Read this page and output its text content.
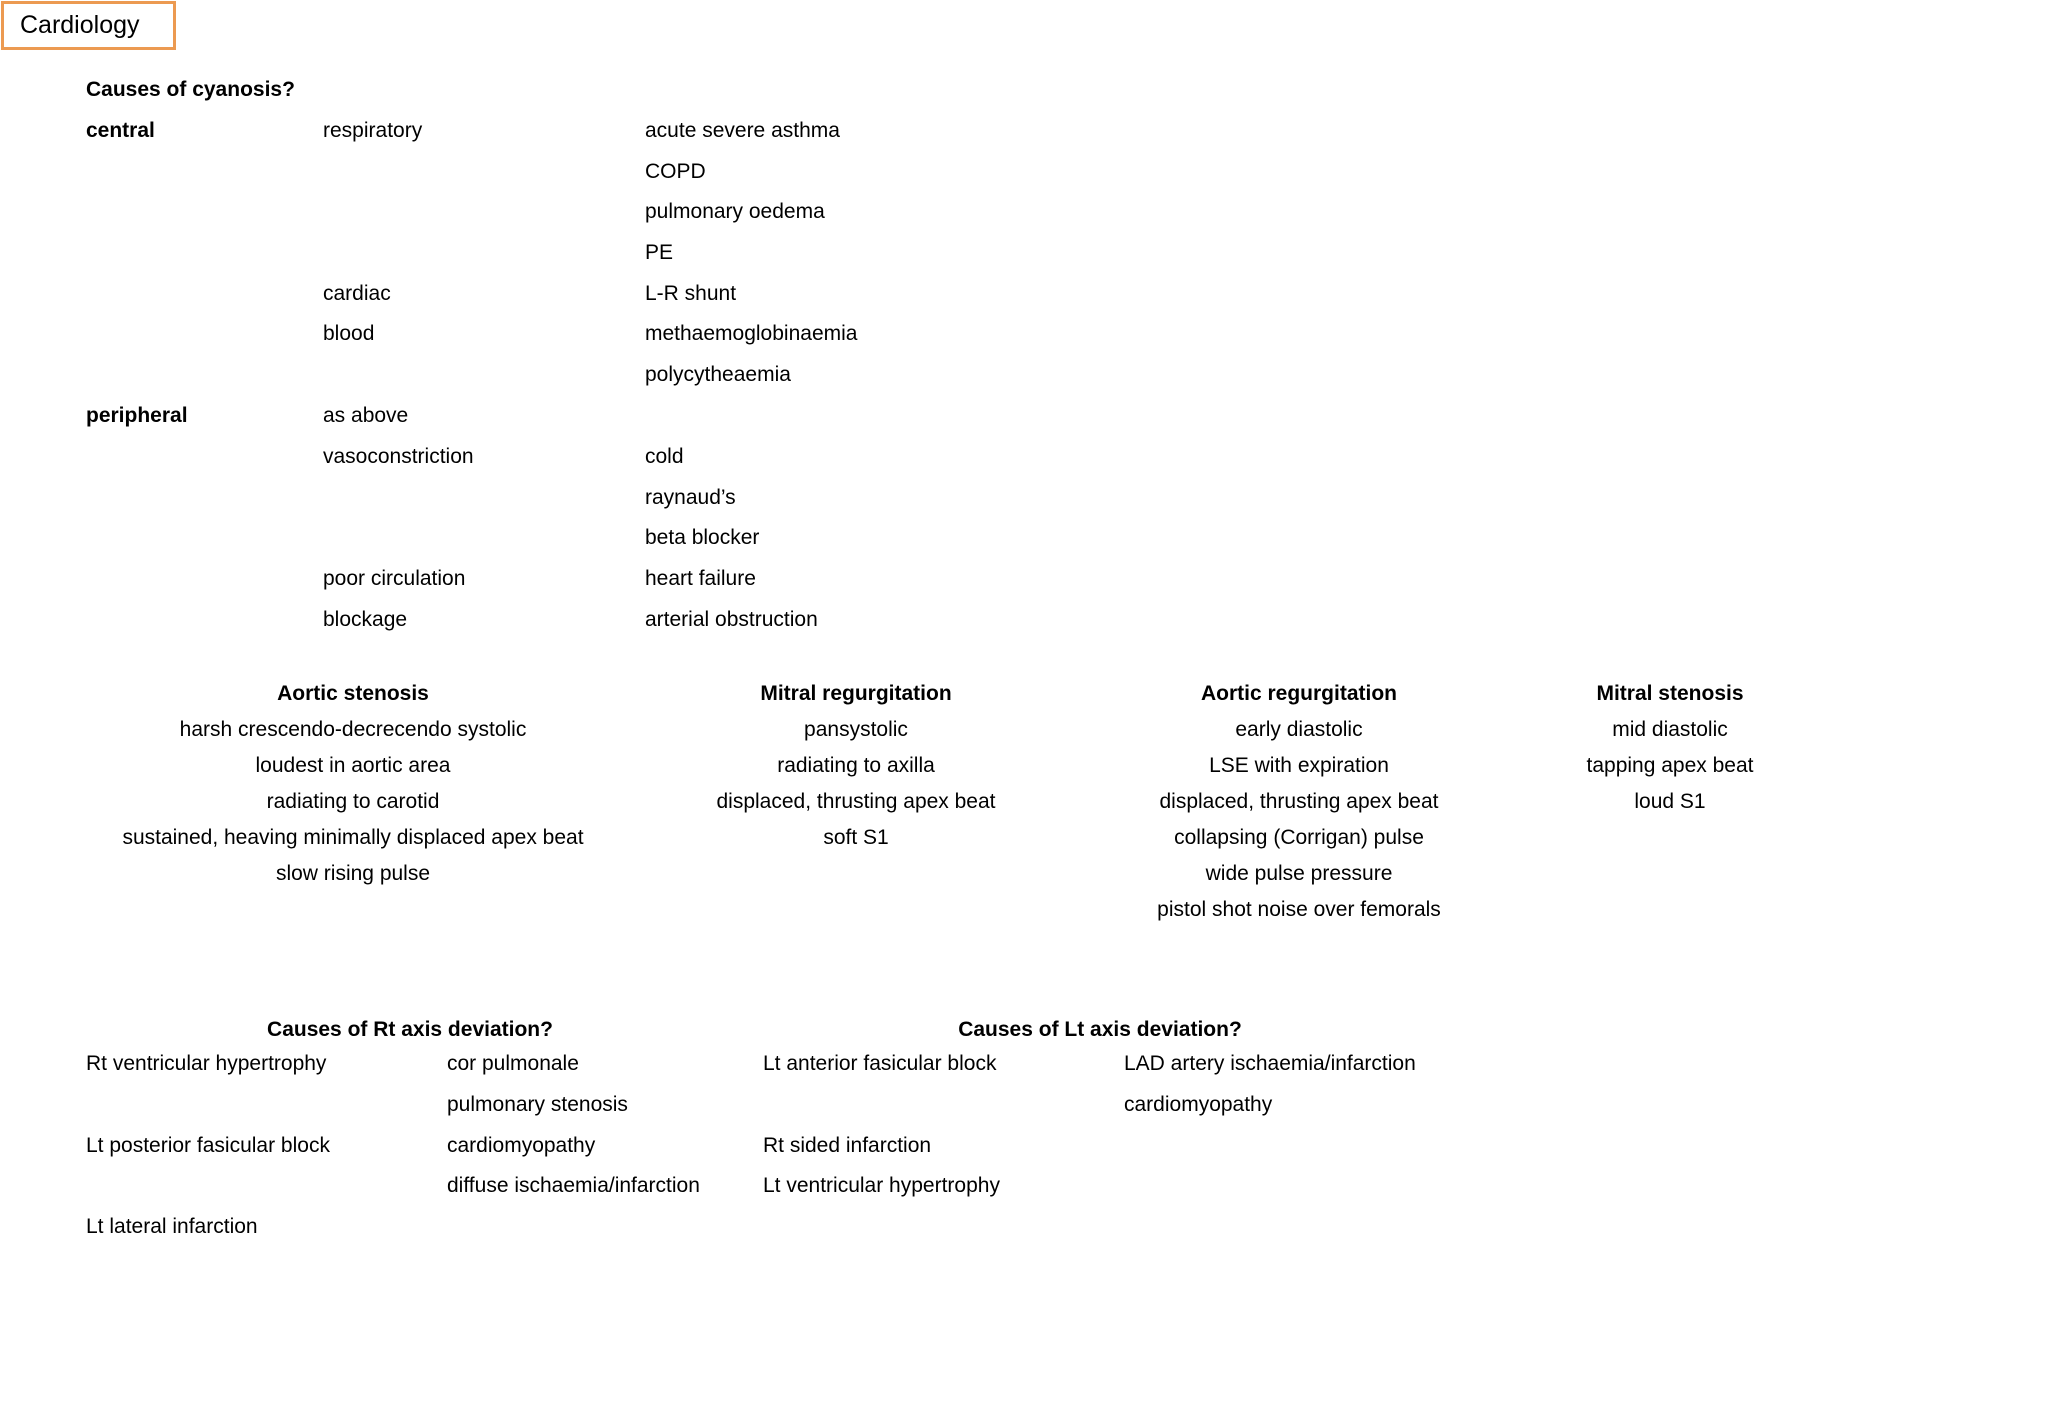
Cardiology
Causes of cyanosis?
central
peripheral
respiratory
cardiac
blood
as above
vasoconstriction
poor circulation
blockage
acute severe asthma
COPD
pulmonary oedema
PE
L-R shunt
methaemoglobinaemia
polycytheaemia
cold
raynaud’s
beta blocker
heart failure
arterial obstruction
Aortic stenosis
harsh crescendo-decrecendo systolic
loudest in aortic area
radiating to carotid
sustained, heaving minimally displaced apex beat
slow rising pulse
Mitral regurgitation
pansystolic
radiating to axilla
displaced, thrusting apex beat
soft S1
Aortic regurgitation
early diastolic
LSE with expiration
displaced, thrusting apex beat
collapsing (Corrigan) pulse
wide pulse pressure
pistol shot noise over femorals
Mitral stenosis
mid diastolic
tapping apex beat
loud S1
Causes of Rt axis deviation?	Causes of Lt axis deviation?
Rt ventricular hypertrophy
Lt posterior fasicular block
Lt lateral infarction
cor pulmonale
pulmonary stenosis
cardiomyopathy
diffuse ischaemia/infarction
Lt anterior fasicular block
Rt sided infarction
Lt ventricular hypertrophy
LAD artery ischaemia/infarction
cardiomyopathy
